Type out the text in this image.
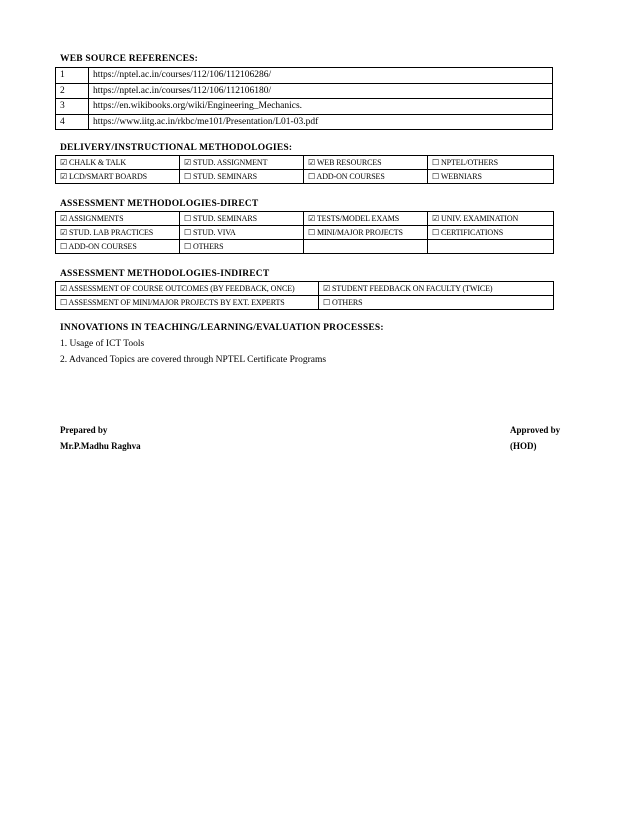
WEB SOURCE REFERENCES:
1	https://nptel.ac.in/courses/112/106/112106286/
2	https://nptel.ac.in/courses/112/106/112106180/
3	https://en.wikibooks.org/wiki/Engineering_Mechanics.
4	https://www.iitg.ac.in/rkbc/me101/Presentation/L01-03.pdf
DELIVERY/INSTRUCTIONAL METHODOLOGIES:
☑ CHALK & TALK	☑ STUD. ASSIGNMENT	☑ WEB RESOURCES	☐ NPTEL/OTHERS
☑ LCD/SMART BOARDS	☐ STUD. SEMINARS	☐ ADD-ON COURSES	☐ WEBNIARS
ASSESSMENT METHODOLOGIES-DIRECT
☑ ASSIGNMENTS	☐ STUD. SEMINARS	☑ TESTS/MODEL EXAMS	☑ UNIV. EXAMINATION
☑ STUD. LAB PRACTICES	☐ STUD. VIVA	☐ MINI/MAJOR PROJECTS	☐ CERTIFICATIONS
☐ ADD-ON COURSES	☐ OTHERS		
ASSESSMENT METHODOLOGIES-INDIRECT
☑ ASSESSMENT OF COURSE OUTCOMES (BY FEEDBACK, ONCE)	☑ STUDENT FEEDBACK ON FACULTY (TWICE)
☐ ASSESSMENT OF MINI/MAJOR PROJECTS BY EXT. EXPERTS	☐ OTHERS
INNOVATIONS IN TEACHING/LEARNING/EVALUATION PROCESSES:
1. Usage of ICT Tools
2. Advanced Topics are covered through NPTEL Certificate Programs
Prepared by
Mr.P.Madhu Raghva
Approved by
(HOD)
